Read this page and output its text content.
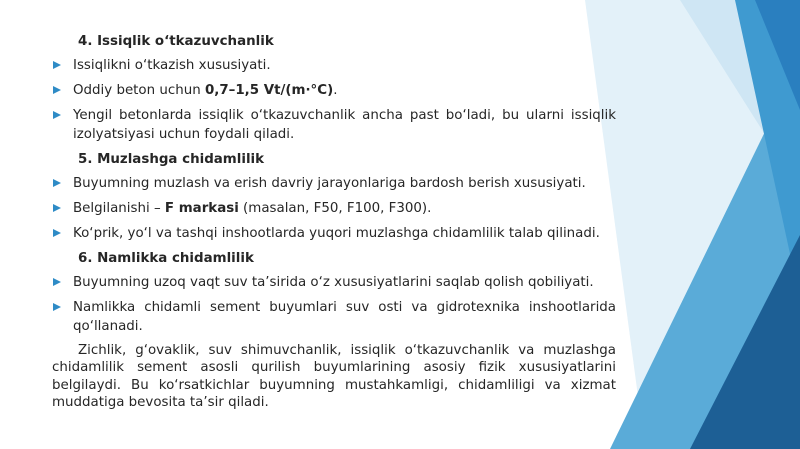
4. Issiqlik o‘tkazuvchanlik
Issiqlikni o‘tkazish xususiyati.
Oddiy beton uchun 0,7–1,5 Vt/(m·°C).
Yengil betonlarda issiqlik o‘tkazuvchanlik ancha past bo‘ladi, bu ularni issiqlik izolyatsiyasi uchun foydali qiladi.
5. Muzlashga chidamlilik
Buyumning muzlash va erish davriy jarayonlariga bardosh berish xususiyati.
Belgilanishi – F markasi (masalan, F50, F100, F300).
Ko‘prik, yo‘l va tashqi inshootlarda yuqori muzlashga chidamlilik talab qilinadi.
6. Namlikka chidamlilik
Buyumning uzoq vaqt suv ta’sirida o‘z xususiyatlarini saqlab qolish qobiliyati.
Namlikka chidamli sement buyumlari suv osti va gidrotexnika inshootlarida qo‘llanadi.
Zichlik, g‘ovaklik, suv shimuvchanlik, issiqlik o‘tkazuvchanlik va muzlashga chidamlilik sement asosli qurilish buyumlarining asosiy fizik xususiyatlarini belgilaydi. Bu ko‘rsatkichlar buyumning mustahkamligi, chidamliligi va xizmat muddatiga bevosita ta’sir qiladi.
